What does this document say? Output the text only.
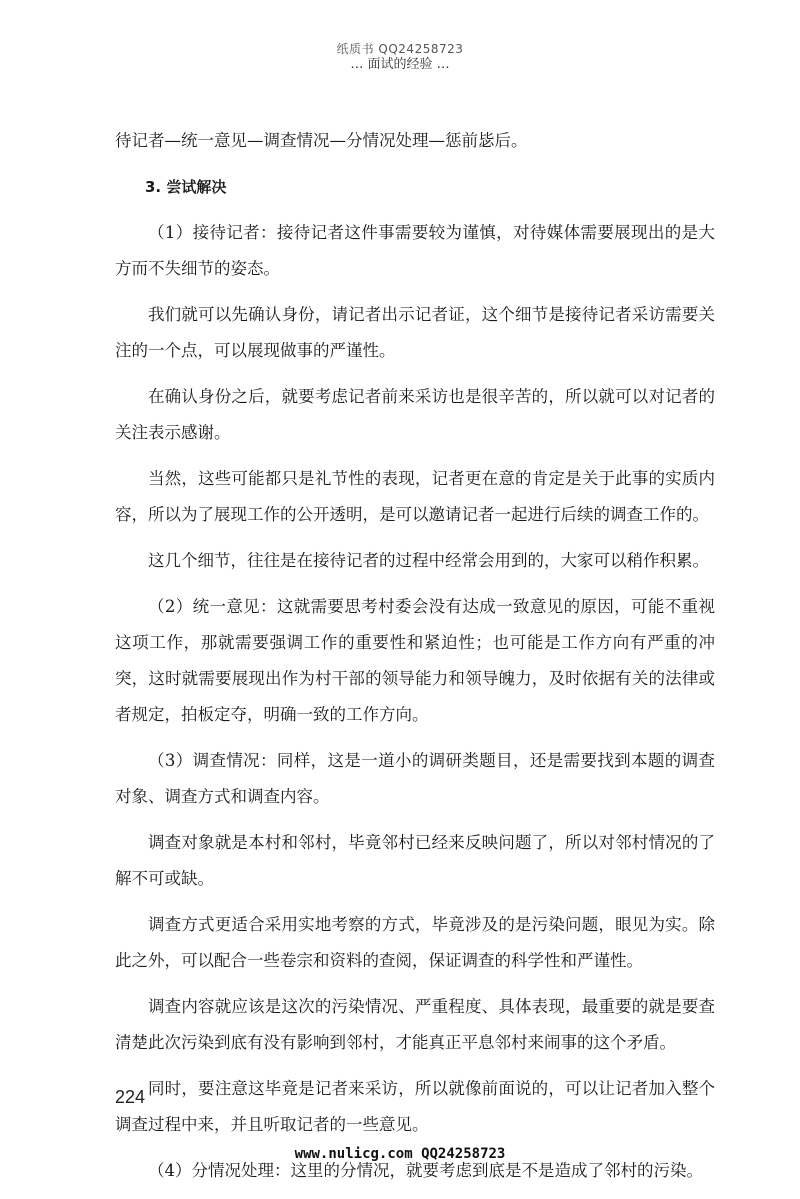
纸质书 QQ24258723
… 面试的经验 …

待记者—统一意见—调查情况—分情况处理—惩前毖后。

3. 尝试解决

（1）接待记者：接待记者这件事需要较为谨慎，对待媒体需要展现出的是大方而不失细节的姿态。

我们就可以先确认身份，请记者出示记者证，这个细节是接待记者采访需要关注的一个点，可以展现做事的严谨性。

在确认身份之后，就要考虑记者前来采访也是很辛苦的，所以就可以对记者的关注表示感谢。

当然，这些可能都只是礼节性的表现，记者更在意的肯定是关于此事的实质内容，所以为了展现工作的公开透明，是可以邀请记者一起进行后续的调查工作的。

这几个细节，往往是在接待记者的过程中经常会用到的，大家可以稍作积累。

（2）统一意见：这就需要思考村委会没有达成一致意见的原因，可能不重视这项工作，那就需要强调工作的重要性和紧迫性；也可能是工作方向有严重的冲突，这时就需要展现出作为村干部的领导能力和领导魄力，及时依据有关的法律或者规定，拍板定夺，明确一致的工作方向。

（3）调查情况：同样，这是一道小的调研类题目，还是需要找到本题的调查对象、调查方式和调查内容。

调查对象就是本村和邻村，毕竟邻村已经来反映问题了，所以对邻村情况的了解不可或缺。

调查方式更适合采用实地考察的方式，毕竟涉及的是污染问题，眼见为实。除此之外，可以配合一些卷宗和资料的查阅，保证调查的科学性和严谨性。

调查内容就应该是这次的污染情况、严重程度、具体表现，最重要的就是要查清楚此次污染到底有没有影响到邻村，才能真正平息邻村来闹事的这个矛盾。

同时，要注意这毕竟是记者来采访，所以就像前面说的，可以让记者加入整个调查过程中来，并且听取记者的一些意见。

（4）分情况处理：这里的分情况，就要考虑到底是不是造成了邻村的污染。

224
www.nulicg.com QQ24258723
